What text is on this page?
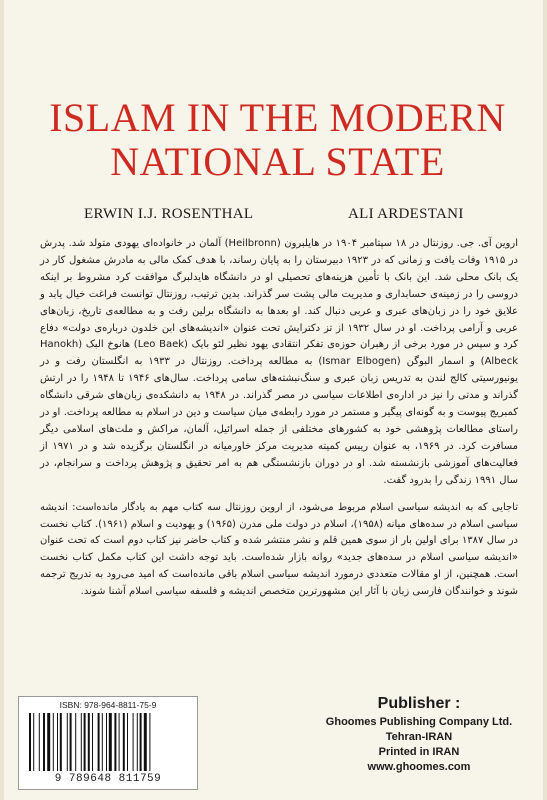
ISLAM IN THE MODERN
NATIONAL STATE
ERWIN I.J. ROSENTHAL	ALI ARDESTANI

اروین آی. جی. روزنتال در ۱۸ سپتامبر ۱۹۰۴ در هایلبرون (Heilbronn) آلمان در خانواده‌ای یهودی متولد شد. پدرش در ۱۹۱۵ وفات یافت و زمانی که در ۱۹۲۳ دبیرستان را به پایان رساند، با هدف کمک مالی به مادرش مشغول کار در یک بانک محلی شد. این بانک با تأمین هزینه‌های تحصیلی او در دانشگاه هایدلبرگ موافقت کرد مشروط بر اینکه دروسی را در زمینه‌ی حسابداری و مدیریت مالی پشت سر گذراند. بدین ترتیب، روزنتال توانست فراغت خیال یابد و علایق خود را در زبان‌های عبری و عربی دنبال کند. او بعدها به دانشگاه برلین رفت و به مطالعه‌ی تاریخ، زبان‌های عربی و آرامی پرداخت. او در سال ۱۹۳۲ از تز دکترایش تحت عنوان «اندیشه‌های ابن خلدون درباره‌ی دولت» دفاع کرد و سپس در مورد برخی از رهبران حوزه‌ی تفکر انتقادی یهود نظیر لئو بایک (Leo Baek) هانوخ البک (Hanokh Albeck) و اسمار البوگن (Ismar Elbogen) به مطالعه پرداخت. روزنتال در ۱۹۳۳ به انگلستان رفت و در یونیورسیتی کالج لندن به تدریس زبان عبری و سنگ‌نبشته‌های سامی پرداخت. سال‌های ۱۹۴۶ تا ۱۹۴۸ را در ارتش گذراند و مدتی را نیز در اداره‌ی اطلاعات سیاسی در مصر گذراند. در ۱۹۴۸ به دانشکده‌ی زبان‌های شرقی دانشگاه کمبریج پیوست و به گونه‌ای پیگیر و مستمر در مورد رابطه‌ی میان سیاست و دین در اسلام به مطالعه پرداخت. او در راستای مطالعات پژوهشی خود به کشورهای مختلفی از جمله اسرائیل، آلمان، مراکش و ملت‌های اسلامی دیگر مسافرت کرد. در ۱۹۶۹، به عنوان رییس کمیته مدیریت مرکز خاورمیانه در انگلستان برگزیده شد و در ۱۹۷۱ از فعالیت‌های آموزشی بازنشسته شد. او در دوران بازنشستگی هم به امر تحقیق و پژوهش پرداخت و سرانجام، در سال ۱۹۹۱ زندگی را بدرود گفت.

تاجایی که به اندیشه سیاسی اسلام مربوط می‌شود، از اروین روزنتال سه کتاب مهم به یادگار مانده‌است: اندیشه سیاسی اسلام در سده‌های میانه (۱۹۵۸)، اسلام در دولت ملی مدرن (۱۹۶۵) و یهودیت و اسلام (۱۹۶۱). کتاب نخست در سال ۱۳۸۷ برای اولین بار از سوی همین قلم و نشر منتشر شده و کتاب حاضر نیز کتاب دوم است که تحت عنوان «اندیشه سیاسی اسلام در سده‌های جدید» روانه بازار شده‌است. باید توجه داشت این کتاب مکمل کتاب نخست است. همچنین، از او مقالات متعددی درمورد اندیشه سیاسی اسلام باقی مانده‌است که امید می‌رود به تدریج ترجمه شوند و خوانندگان فارسی زبان با آثار این مشهورترین متخصص اندیشه و فلسفه سیاسی اسلام آشنا شوند.

ISBN: 978-964-8811-75-9
9 789648 811759
Publisher :
Ghoomes Publishing Company Ltd.
Tehran-IRAN
Printed in IRAN
www.ghoomes.com
